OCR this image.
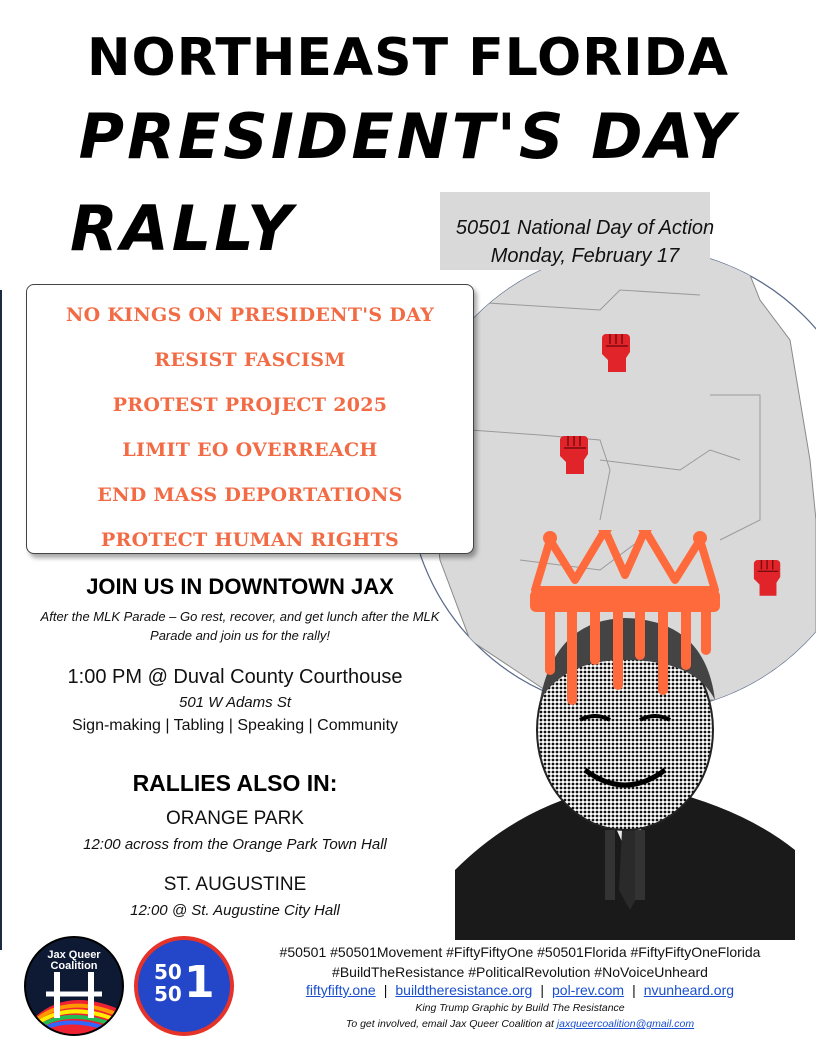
NORTHEAST FLORIDA
PRESIDENT'S DAY
RALLY	50501 National Day of Action
Monday, February 17
NO KINGS ON PRESIDENT'S DAY
RESIST FASCISM
PROTEST PROJECT 2025
LIMIT EO OVERREACH
END MASS DEPORTATIONS
PROTECT HUMAN RIGHTS
JOIN US IN DOWNTOWN JAX
After the MLK Parade – Go rest, recover, and get lunch after the MLK Parade and join us for the rally!
1:00 PM @ Duval County Courthouse
501 W Adams St
Sign-making | Tabling | Speaking | Community
RALLIES ALSO IN:
ORANGE PARK
12:00 across from the Orange Park Town Hall
ST. AUGUSTINE
12:00 @ St. Augustine City Hall
Jax Queer
Coalition	50
50 1
#50501 #50501Movement #FiftyFiftyOne #50501Florida #FiftyFiftyOneFlorida
#BuildTheResistance #PoliticalRevolution #NoVoiceUnheard
fiftyfifty.one | buildtheresistance.org | pol-rev.com | nvunheard.org
King Trump Graphic by Build The Resistance
To get involved, email Jax Queer Coalition at jaxqueercoalition@gmail.com
